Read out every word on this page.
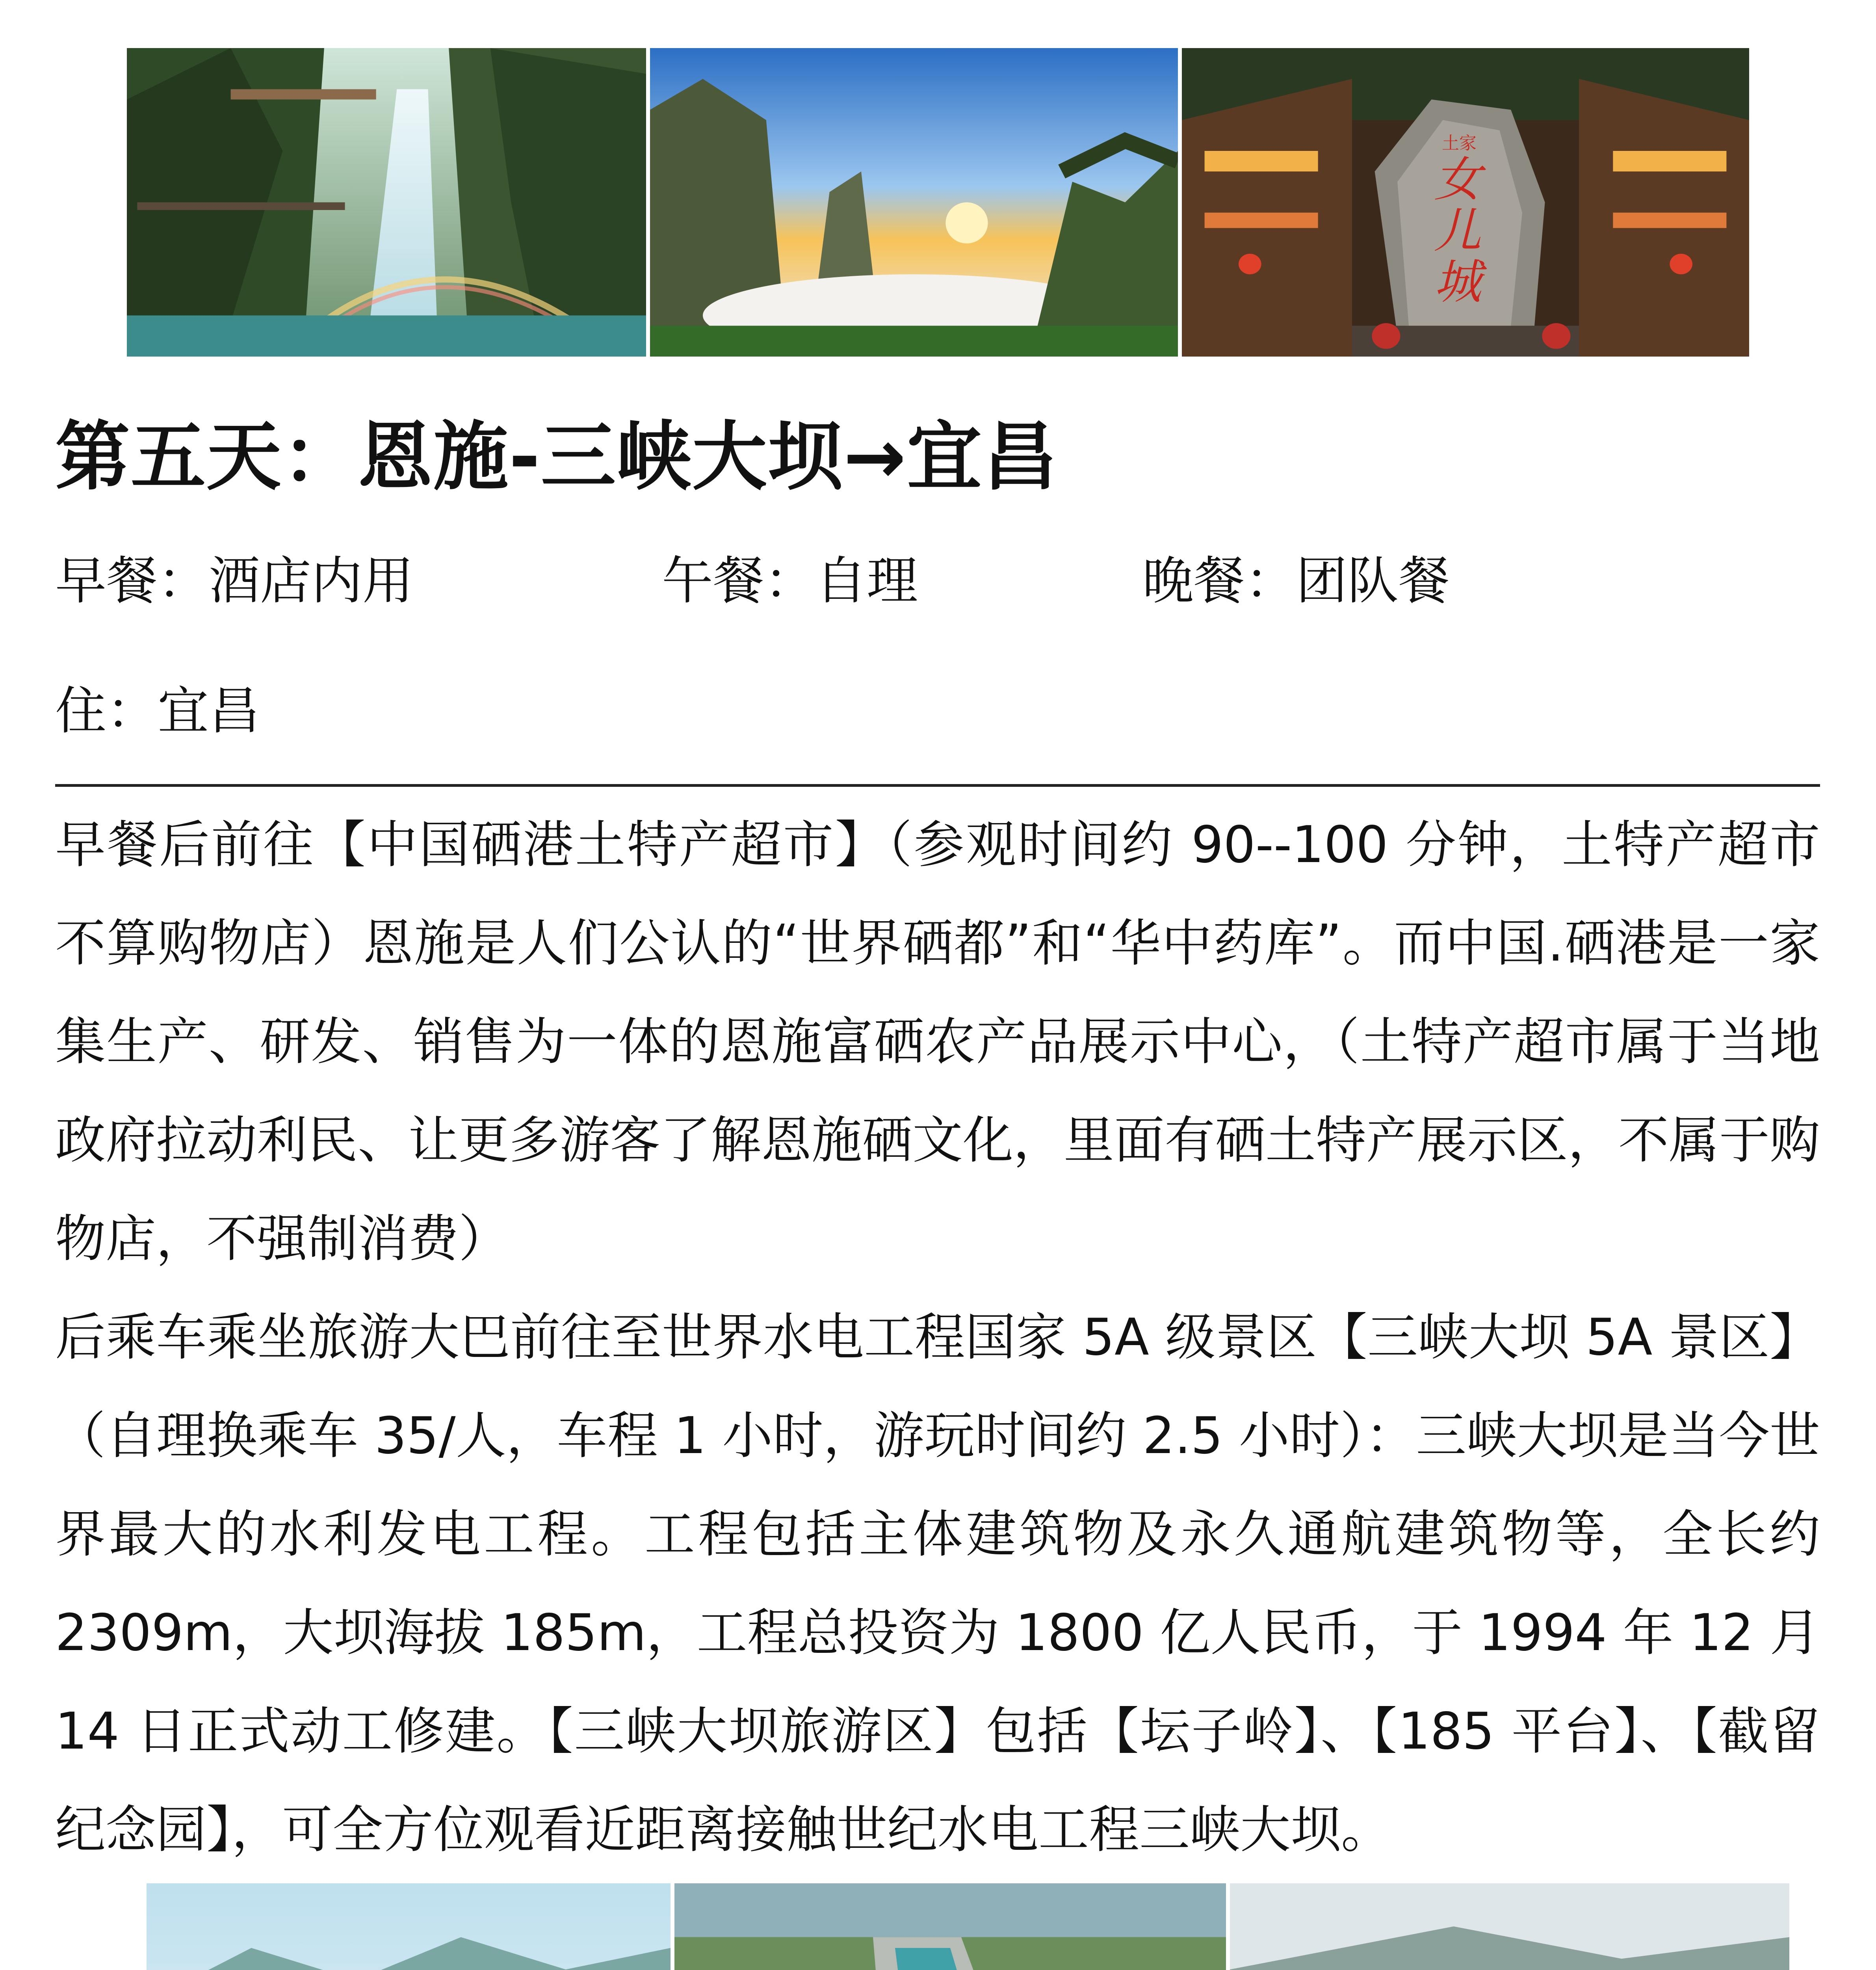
土家
女儿城
第五天：恩施-三峡大坝→宜昌
早餐：酒店内用	午餐：自理	晚餐：团队餐
住：宜昌

早餐后前往【中国硒港土特产超市】（参观时间约 90--100 分钟，土特产超市不算购物店）恩施是人们公认的“世界硒都”和“华中药库”。而中国.硒港是一家集生产、研发、销售为一体的恩施富硒农产品展示中心，（土特产超市属于当地政府拉动利民、让更多游客了解恩施硒文化，里面有硒土特产展示区，不属于购物店，不强制消费）

后乘车乘坐旅游大巴前往至世界水电工程国家 5A 级景区【三峡大坝 5A 景区】（自理换乘车 35/人，车程 1 小时，游玩时间约 2.5 小时）：三峡大坝是当今世界最大的水利发电工程。工程包括主体建筑物及永久通航建筑物等，全长约 2309m，大坝海拔 185m，工程总投资为 1800 亿人民币，于 1994 年 12 月 14 日正式动工修建。【三峡大坝旅游区】包括【坛子岭】、【185 平台】、【截留纪念园】，可全方位观看近距离接触世纪水电工程三峡大坝。
